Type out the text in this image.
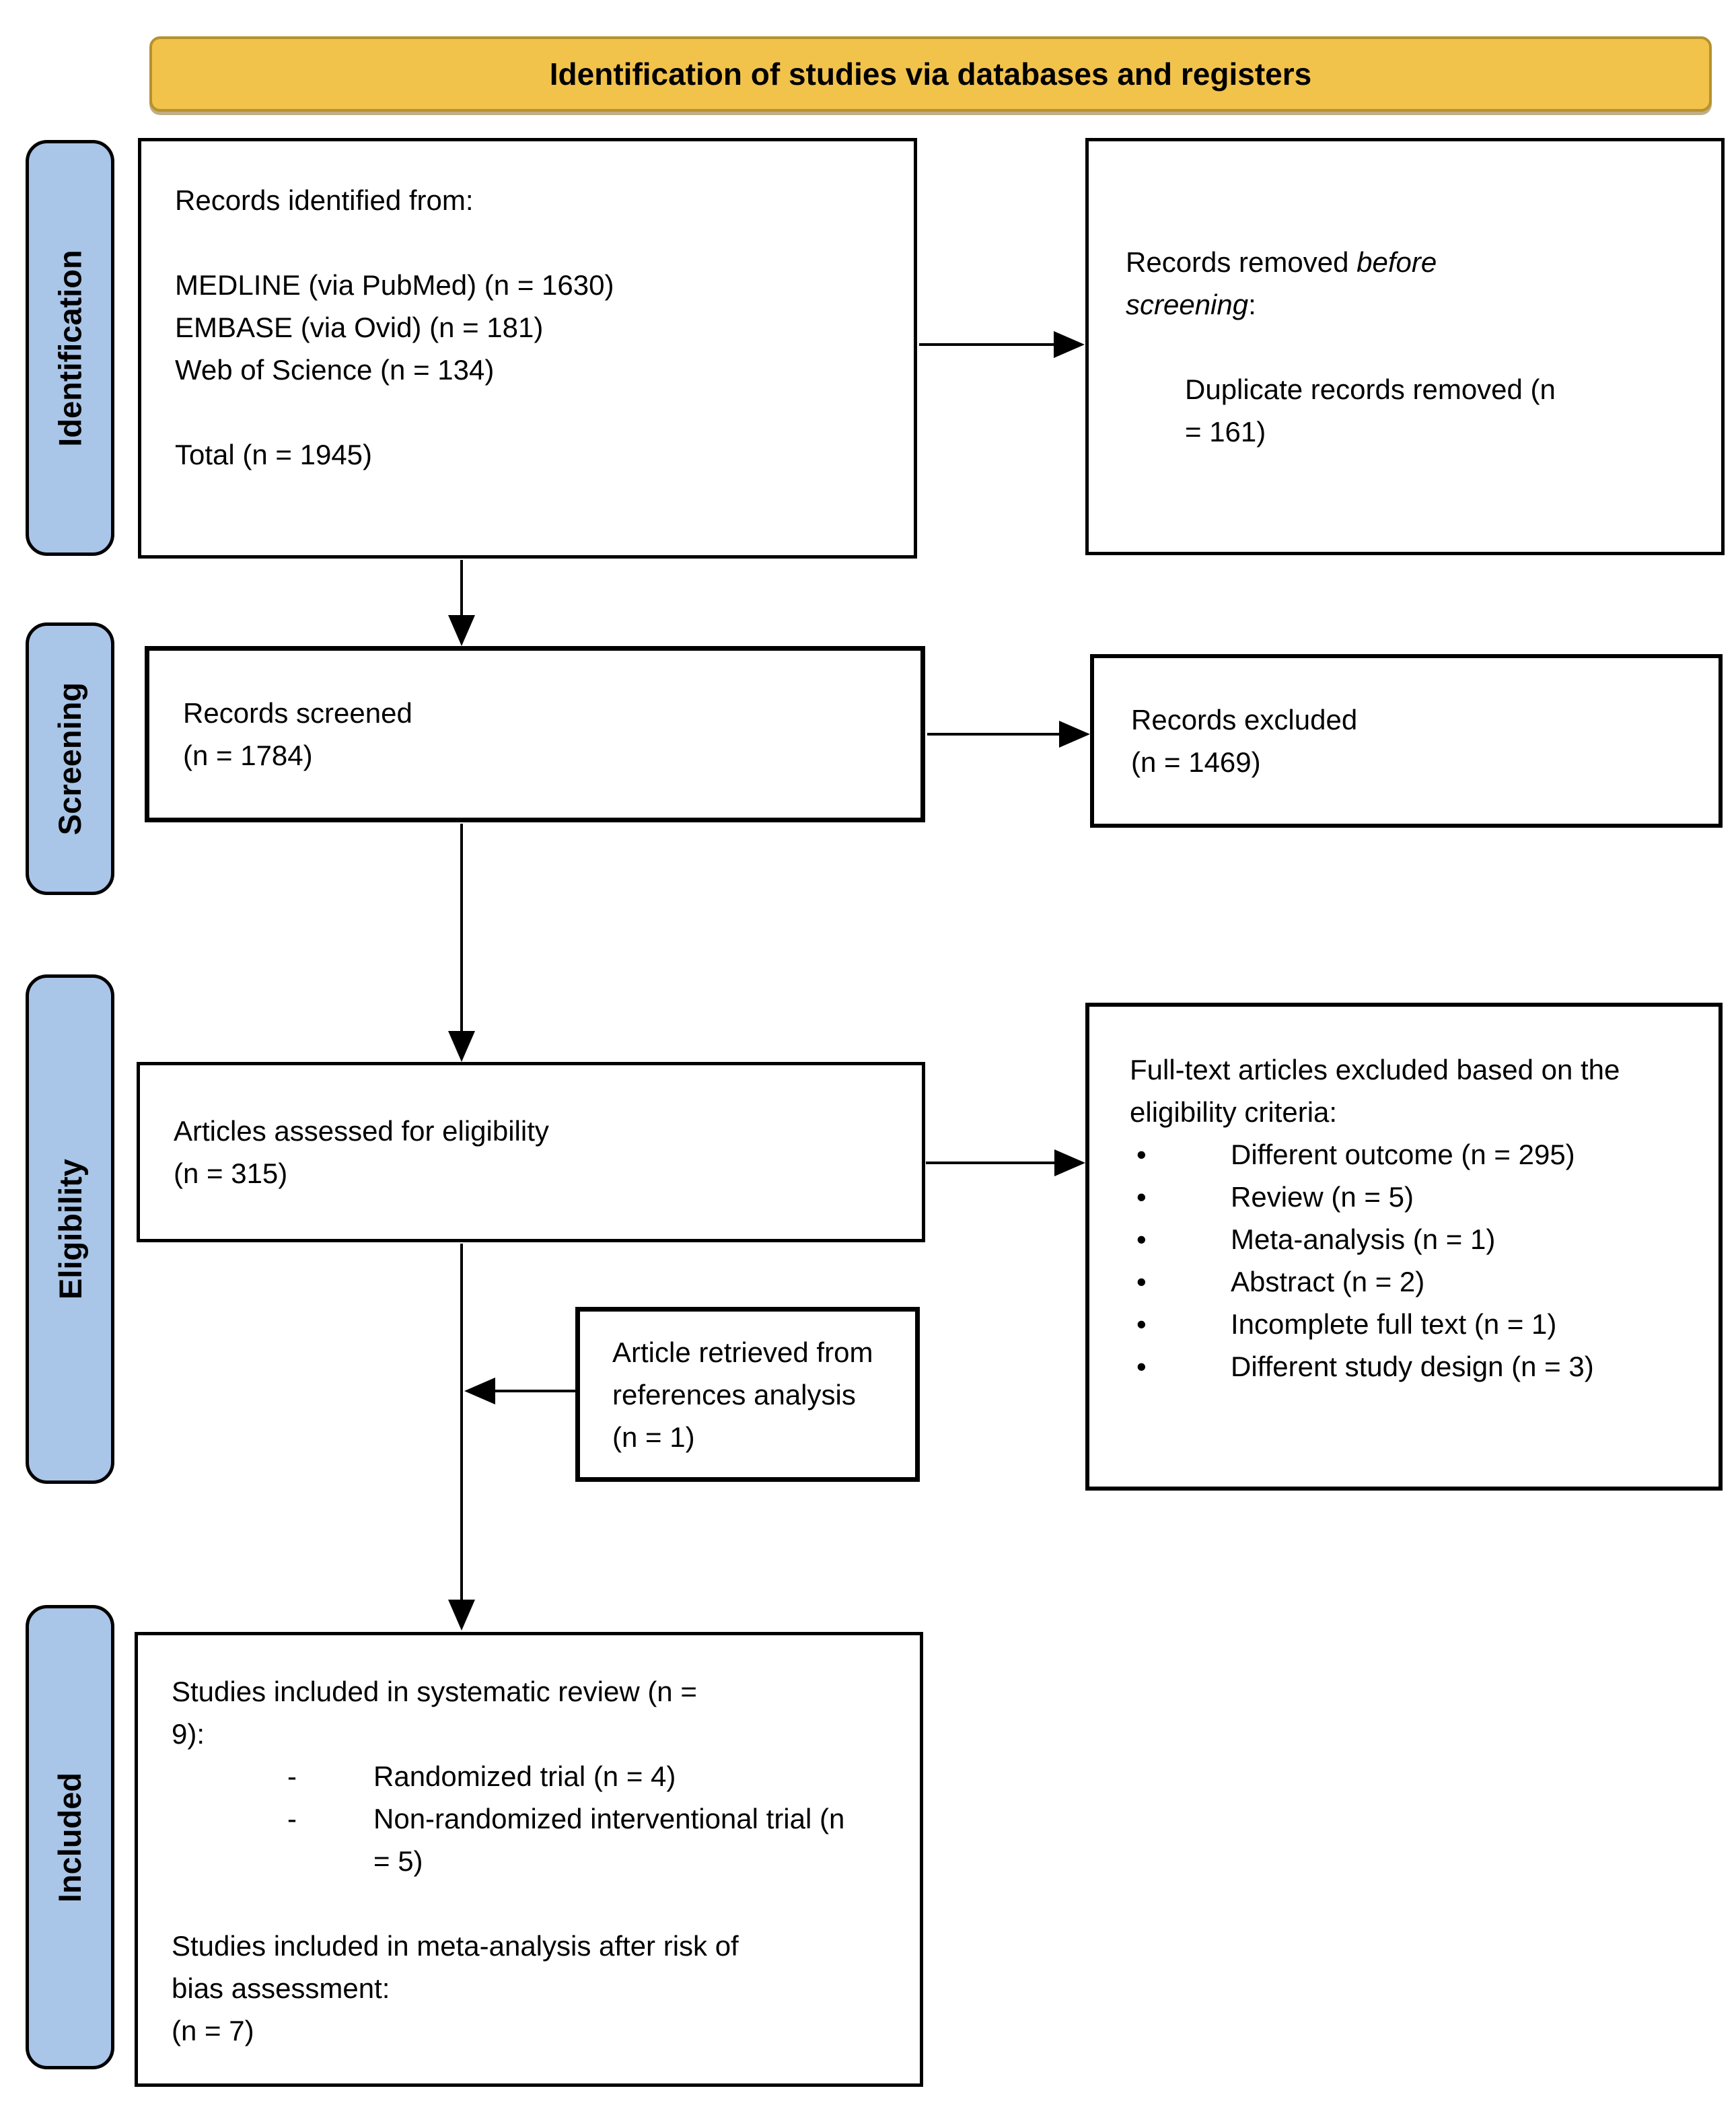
Identification of studies via databases and registers
Identification
Screening
Eligibility
Included
Records identified from:
MEDLINE (via PubMed) (n = 1630)
EMBASE (via Ovid) (n = 181)
Web of Science (n = 134)
Total (n = 1945)
Records removed before screening:
Duplicate records removed (n = 161)
Records screened
(n = 1784)
Records excluded
(n = 1469)
Articles assessed for eligibility
(n = 315)
Full-text articles excluded based on the eligibility criteria:
• Different outcome (n = 295)
• Review (n = 5)
• Meta-analysis (n = 1)
• Abstract (n = 2)
• Incomplete full text (n = 1)
• Different study design (n = 3)
Article retrieved from references analysis (n = 1)
Studies included in systematic review (n = 9):
- Randomized trial (n = 4)
- Non-randomized interventional trial (n = 5)
Studies included in meta-analysis after risk of bias assessment:
(n = 7)
